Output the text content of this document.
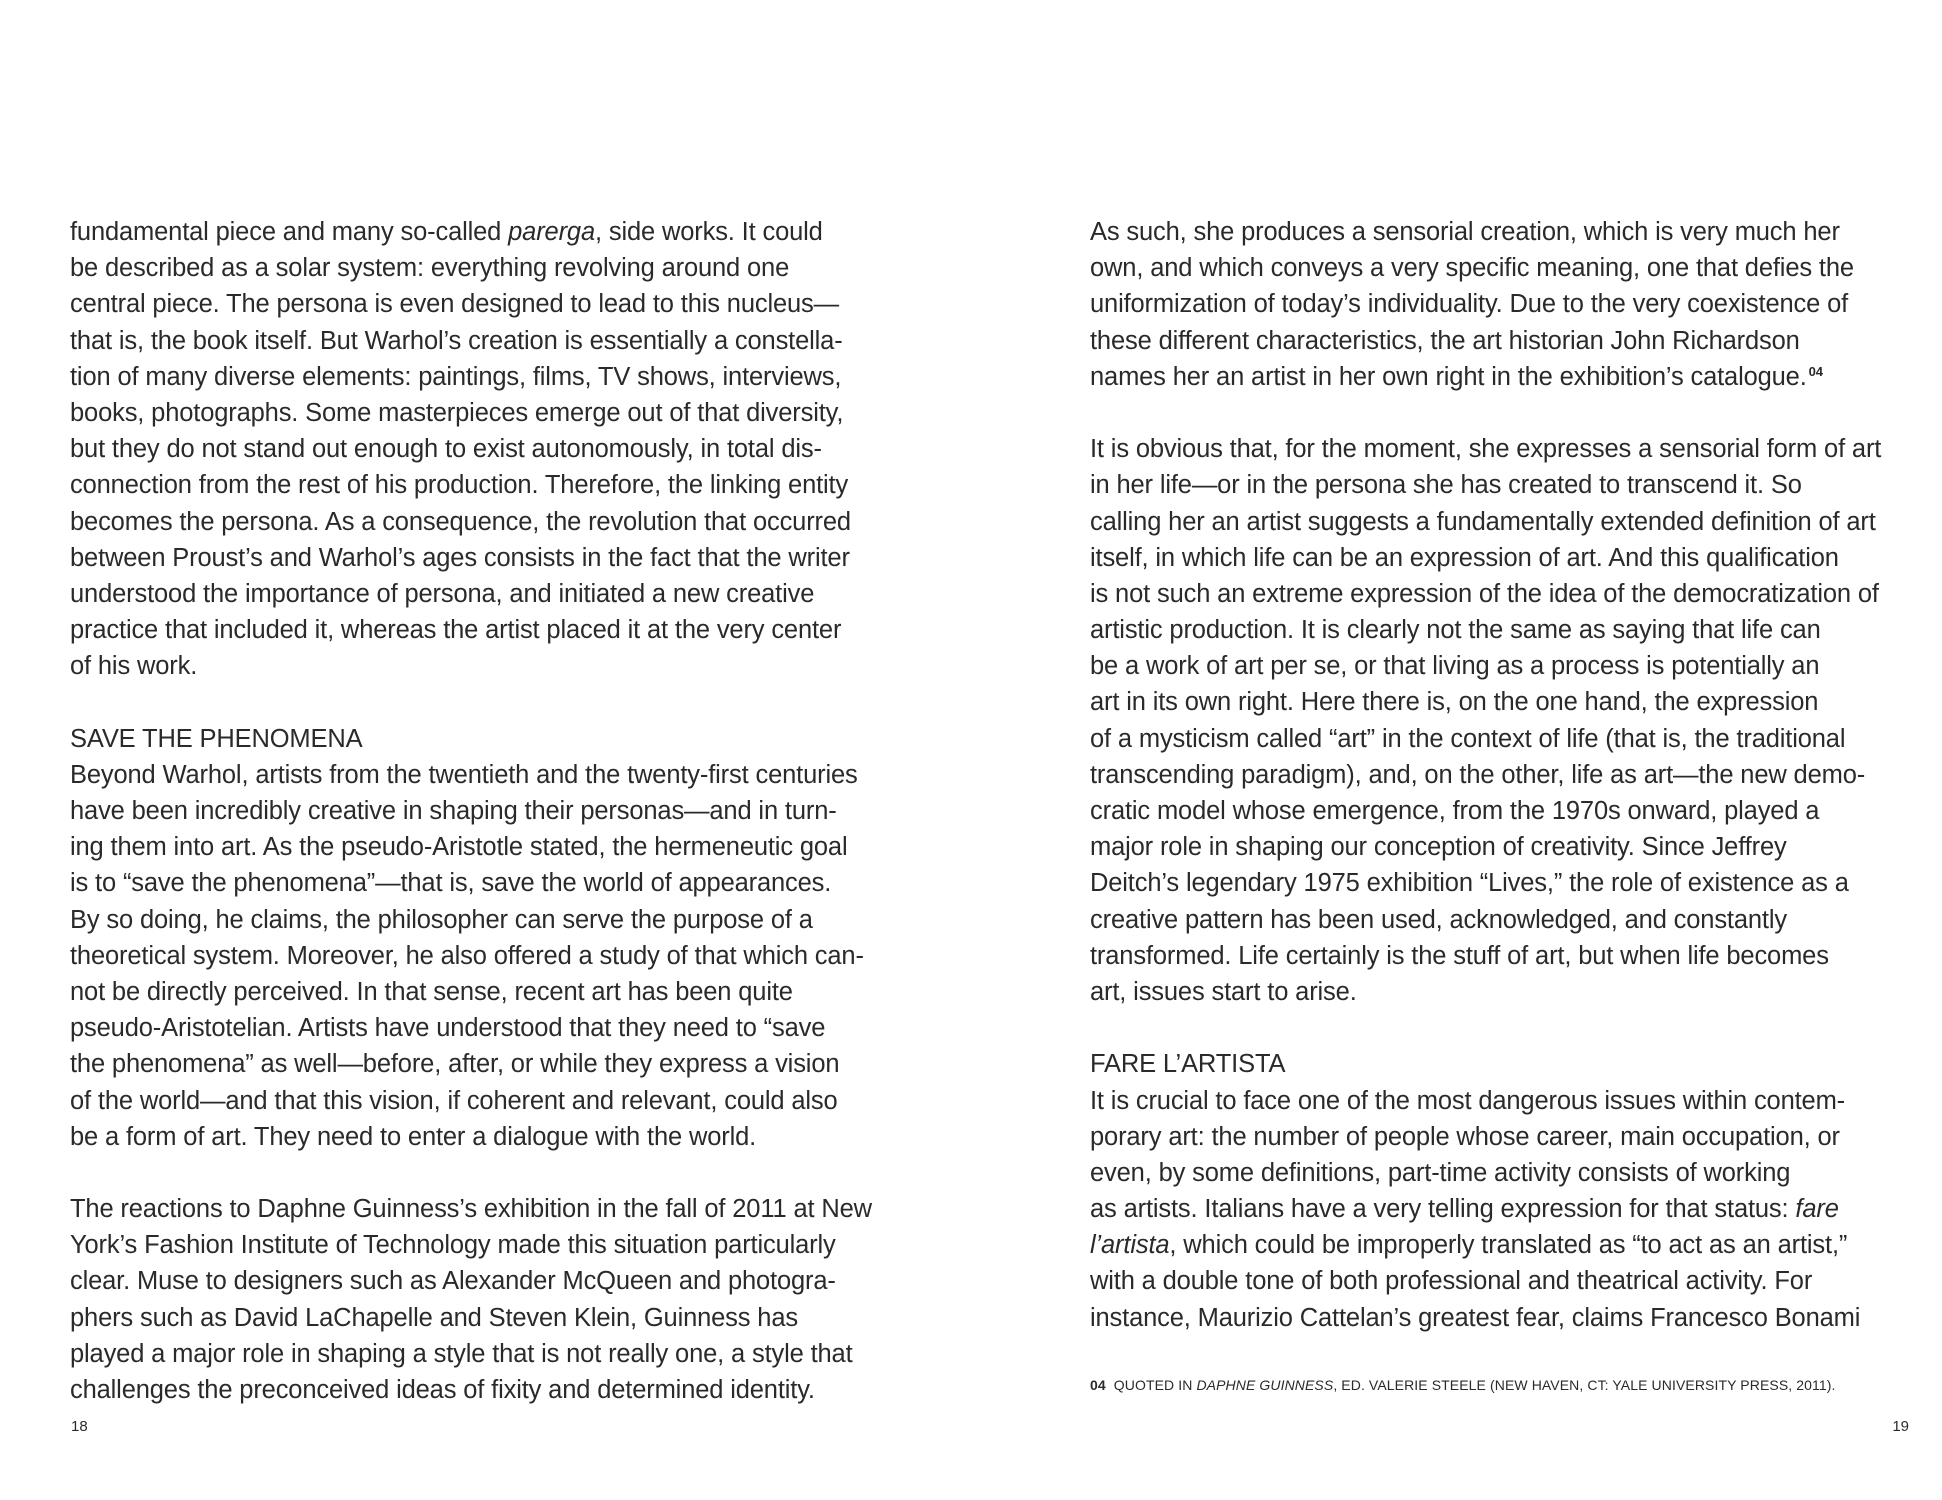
fundamental piece and many so-called parerga, side works. It could
be described as a solar system: everything revolving around one
central piece. The persona is even designed to lead to this nucleus—
that is, the book itself. But Warhol’s creation is essentially a constella-
tion of many diverse elements: paintings, films, TV shows, interviews,
books, photographs. Some masterpieces emerge out of that diversity,
but they do not stand out enough to exist autonomously, in total dis-
connection from the rest of his production. Therefore, the linking entity
becomes the persona. As a consequence, the revolution that occurred
between Proust’s and Warhol’s ages consists in the fact that the writer
understood the importance of persona, and initiated a new creative
practice that included it, whereas the artist placed it at the very center
of his work.
SAVE THE PHENOMENA
Beyond Warhol, artists from the twentieth and the twenty-first centuries
have been incredibly creative in shaping their personas—and in turn-
ing them into art. As the pseudo-Aristotle stated, the hermeneutic goal
is to “save the phenomena”—that is, save the world of appearances.
By so doing, he claims, the philosopher can serve the purpose of a
theoretical system. Moreover, he also offered a study of that which can-
not be directly perceived. In that sense, recent art has been quite
pseudo-Aristotelian. Artists have understood that they need to “save
the phenomena” as well—before, after, or while they express a vision
of the world—and that this vision, if coherent and relevant, could also
be a form of art. They need to enter a dialogue with the world.
The reactions to Daphne Guinness’s exhibition in the fall of 2011 at New
York’s Fashion Institute of Technology made this situation particularly
clear. Muse to designers such as Alexander McQueen and photogra-
phers such as David LaChapelle and Steven Klein, Guinness has
played a major role in shaping a style that is not really one, a style that
challenges the preconceived ideas of fixity and determined identity.
18
As such, she produces a sensorial creation, which is very much her
own, and which conveys a very specific meaning, one that defies the
uniformization of today’s individuality. Due to the very coexistence of
these different characteristics, the art historian John Richardson
names her an artist in her own right in the exhibition’s catalogue. $^{04}$
It is obvious that, for the moment, she expresses a sensorial form of art
in her life—or in the persona she has created to transcend it. So
calling her an artist suggests a fundamentally extended definition of art
itself, in which life can be an expression of art. And this qualification
is not such an extreme expression of the idea of the democratization of
artistic production. It is clearly not the same as saying that life can
be a work of art per se, or that living as a process is potentially an
art in its own right. Here there is, on the one hand, the expression
of a mysticism called “art” in the context of life (that is, the traditional
transcending paradigm), and, on the other, life as art—the new demo-
cratic model whose emergence, from the 1970s onward, played a
major role in shaping our conception of creativity. Since Jeffrey
Deitch’s legendary 1975 exhibition “Lives,” the role of existence as a
creative pattern has been used, acknowledged, and constantly
transformed. Life certainly is the stuff of art, but when life becomes
art, issues start to arise.
FARE L’ARTISTA
It is crucial to face one of the most dangerous issues within contem-
porary art: the number of people whose career, main occupation, or
even, by some definitions, part-time activity consists of working
as artists. Italians have a very telling expression for that status: fare
l’artista, which could be improperly translated as “to act as an artist,”
with a double tone of both professional and theatrical activity. For
instance, Maurizio Cattelan’s greatest fear, claims Francesco Bonami
04 QUOTED IN DAPHNE GUINNESS, ED. VALERIE STEELE (NEW HAVEN, CT: YALE UNIVERSITY PRESS, 2011).
19
